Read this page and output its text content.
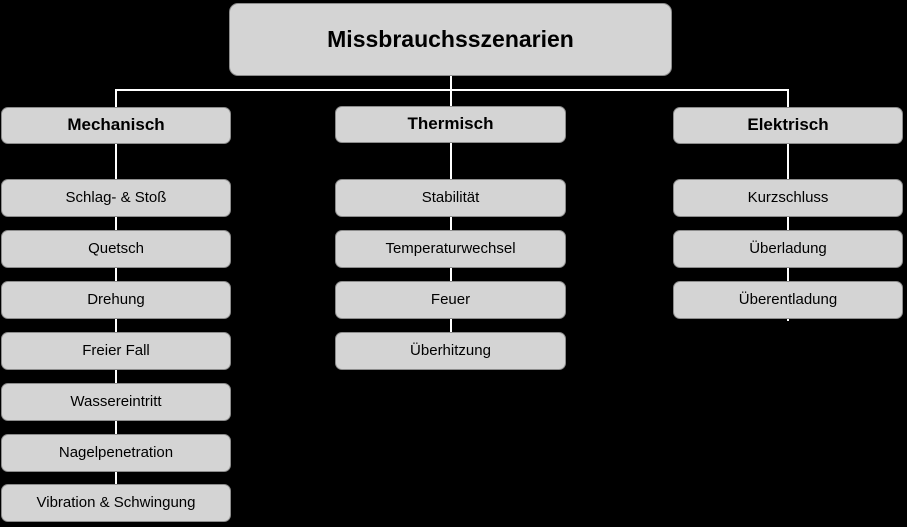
Missbrauchsszenarien
Mechanisch
Schlag- & Stoß
Quetsch
Drehung
Freier Fall
Wassereintritt
Nagelpenetration
Vibration & Schwingung
Thermisch
Stabilität
Temperaturwechsel
Feuer
Überhitzung
Elektrisch
Kurzschluss
Überladung
Überentladung
